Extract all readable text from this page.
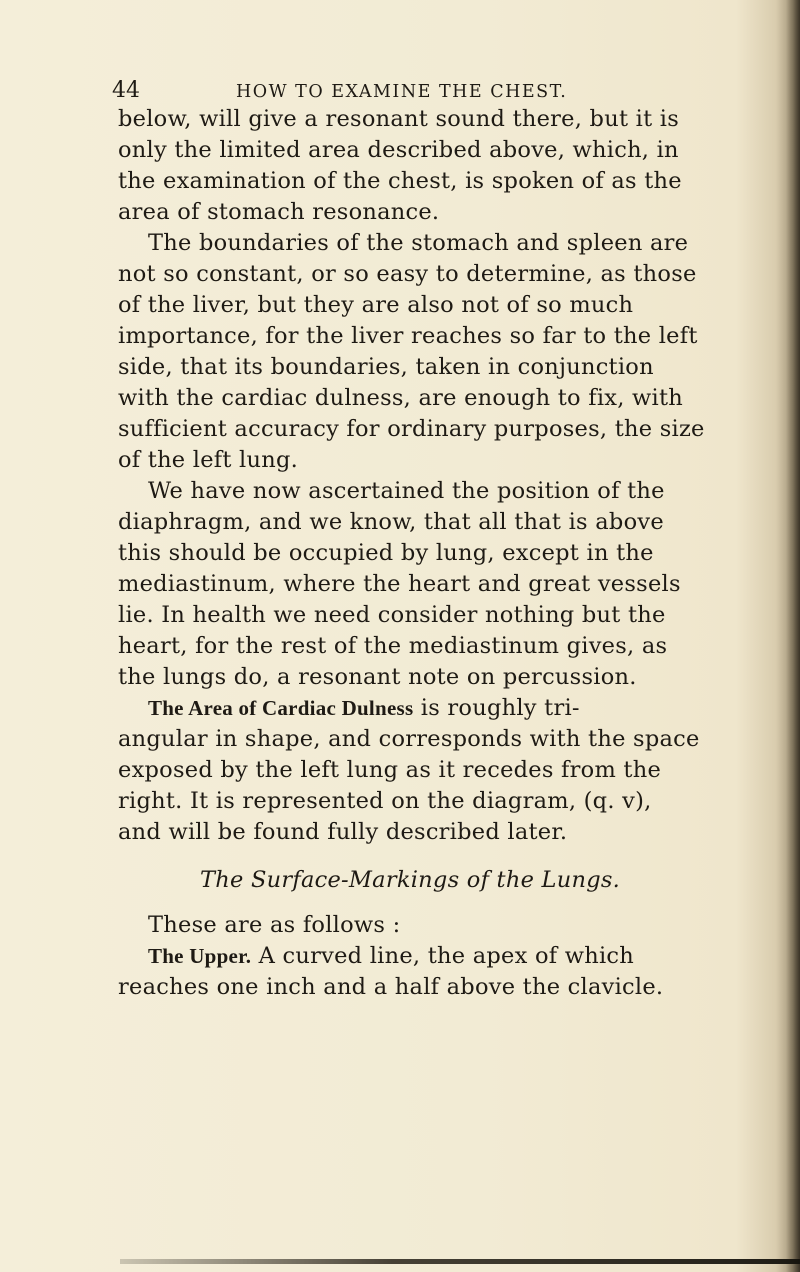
44	HOW TO EXAMINE THE CHEST.
below, will give a resonant sound there, but it is
only the limited area described above, which, in
the examination of the chest, is spoken of as the
area of stomach resonance.
The boundaries of the stomach and spleen are
not so constant, or so easy to determine, as those
of the liver, but they are also not of so much
importance, for the liver reaches so far to the left
side, that its boundaries, taken in conjunction
with the cardiac dulness, are enough to fix, with
sufficient accuracy for ordinary purposes, the size
of the left lung.
We have now ascertained the position of the
diaphragm, and we know, that all that is above
this should be occupied by lung, except in the
mediastinum, where the heart and great vessels
lie. In health we need consider nothing but the
heart, for the rest of the mediastinum gives, as
the lungs do, a resonant note on percussion.
The Area of Cardiac Dulness is roughly tri-
angular in shape, and corresponds with the space
exposed by the left lung as it recedes from the
right. It is represented on the diagram, (q. v),
and will be found fully described later.
The Surface-Markings of the Lungs.
These are as follows :
The Upper. A curved line, the apex of which
reaches one inch and a half above the clavicle.
